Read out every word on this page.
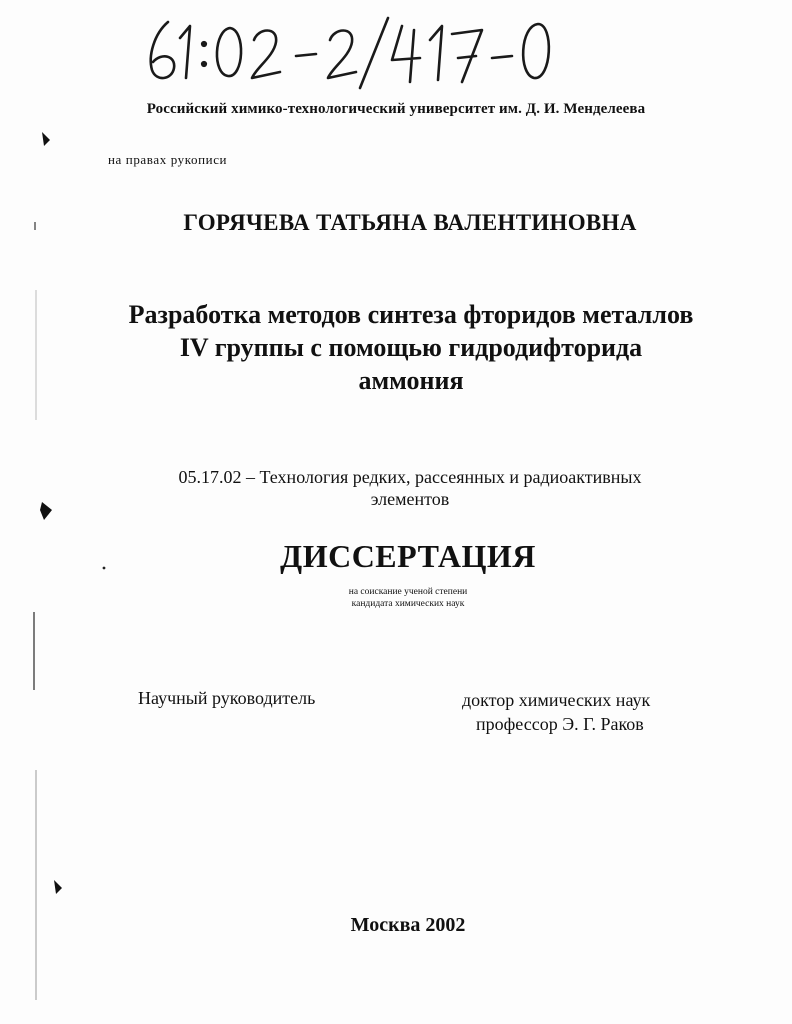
Российский химико-технологический университет им. Д. И. Менделеева
на правах рукописи
ГОРЯЧЕВА ТАТЬЯНА ВАЛЕНТИНОВНА
Разработка методов синтеза фторидов металлов
IV группы с помощью гидродифторида
аммония
05.17.02 – Технология редких, рассеянных и радиоактивных
элементов
ДИССЕРТАЦИЯ
на соискание ученой степени
кандидата химических наук
Научный руководитель	доктор химических наук
профессор Э. Г. Раков
Москва 2002
